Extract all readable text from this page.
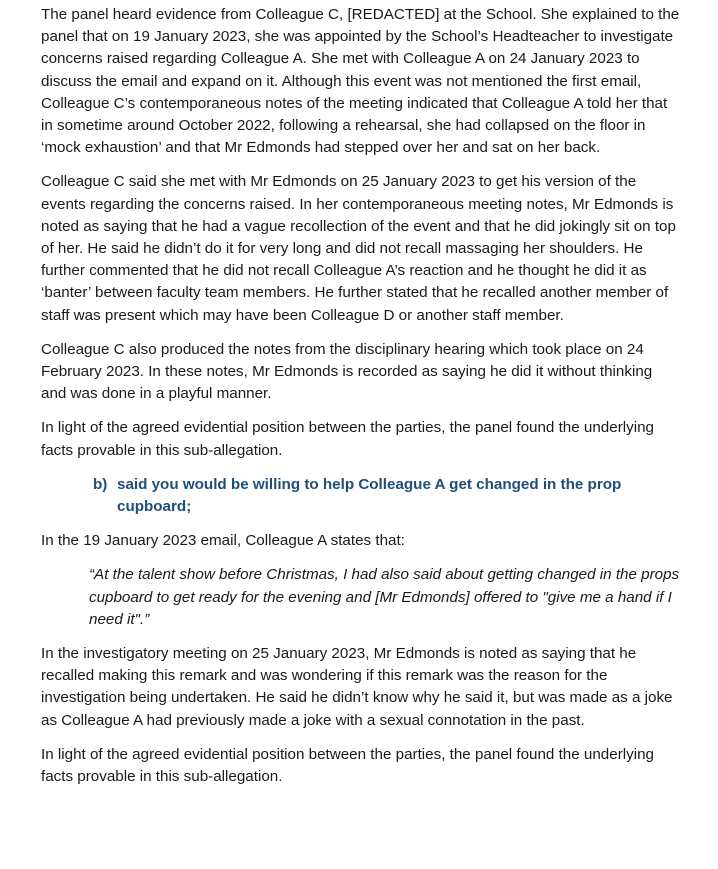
The panel heard evidence from Colleague C, [REDACTED] at the School. She explained to the panel that on 19 January 2023, she was appointed by the School’s Headteacher to investigate concerns raised regarding Colleague A. She met with Colleague A on 24 January 2023 to discuss the email and expand on it. Although this event was not mentioned the first email, Colleague C’s contemporaneous notes of the meeting indicated that Colleague A told her that in sometime around October 2022, following a rehearsal, she had collapsed on the floor in ‘mock exhaustion’ and that Mr Edmonds had stepped over her and sat on her back.

Colleague C said she met with Mr Edmonds on 25 January 2023 to get his version of the events regarding the concerns raised. In her contemporaneous meeting notes, Mr Edmonds is noted as saying that he had a vague recollection of the event and that he did jokingly sit on top of her. He said he didn’t do it for very long and did not recall massaging her shoulders. He further commented that he did not recall Colleague A’s reaction and he thought he did it as ‘banter’ between faculty team members. He further stated that he recalled another member of staff was present which may have been Colleague D or another staff member.

Colleague C also produced the notes from the disciplinary hearing which took place on 24 February 2023. In these notes, Mr Edmonds is recorded as saying he did it without thinking and was done in a playful manner.

In light of the agreed evidential position between the parties, the panel found the underlying facts provable in this sub-allegation.

b) said you would be willing to help Colleague A get changed in the prop cupboard;

In the 19 January 2023 email, Colleague A states that:

“At the talent show before Christmas, I had also said about getting changed in the props cupboard to get ready for the evening and [Mr Edmonds] offered to "give me a hand if I need it".”

In the investigatory meeting on 25 January 2023, Mr Edmonds is noted as saying that he recalled making this remark and was wondering if this remark was the reason for the investigation being undertaken. He said he didn’t know why he said it, but was made as a joke as Colleague A had previously made a joke with a sexual connotation in the past.

In light of the agreed evidential position between the parties, the panel found the underlying facts provable in this sub-allegation.
